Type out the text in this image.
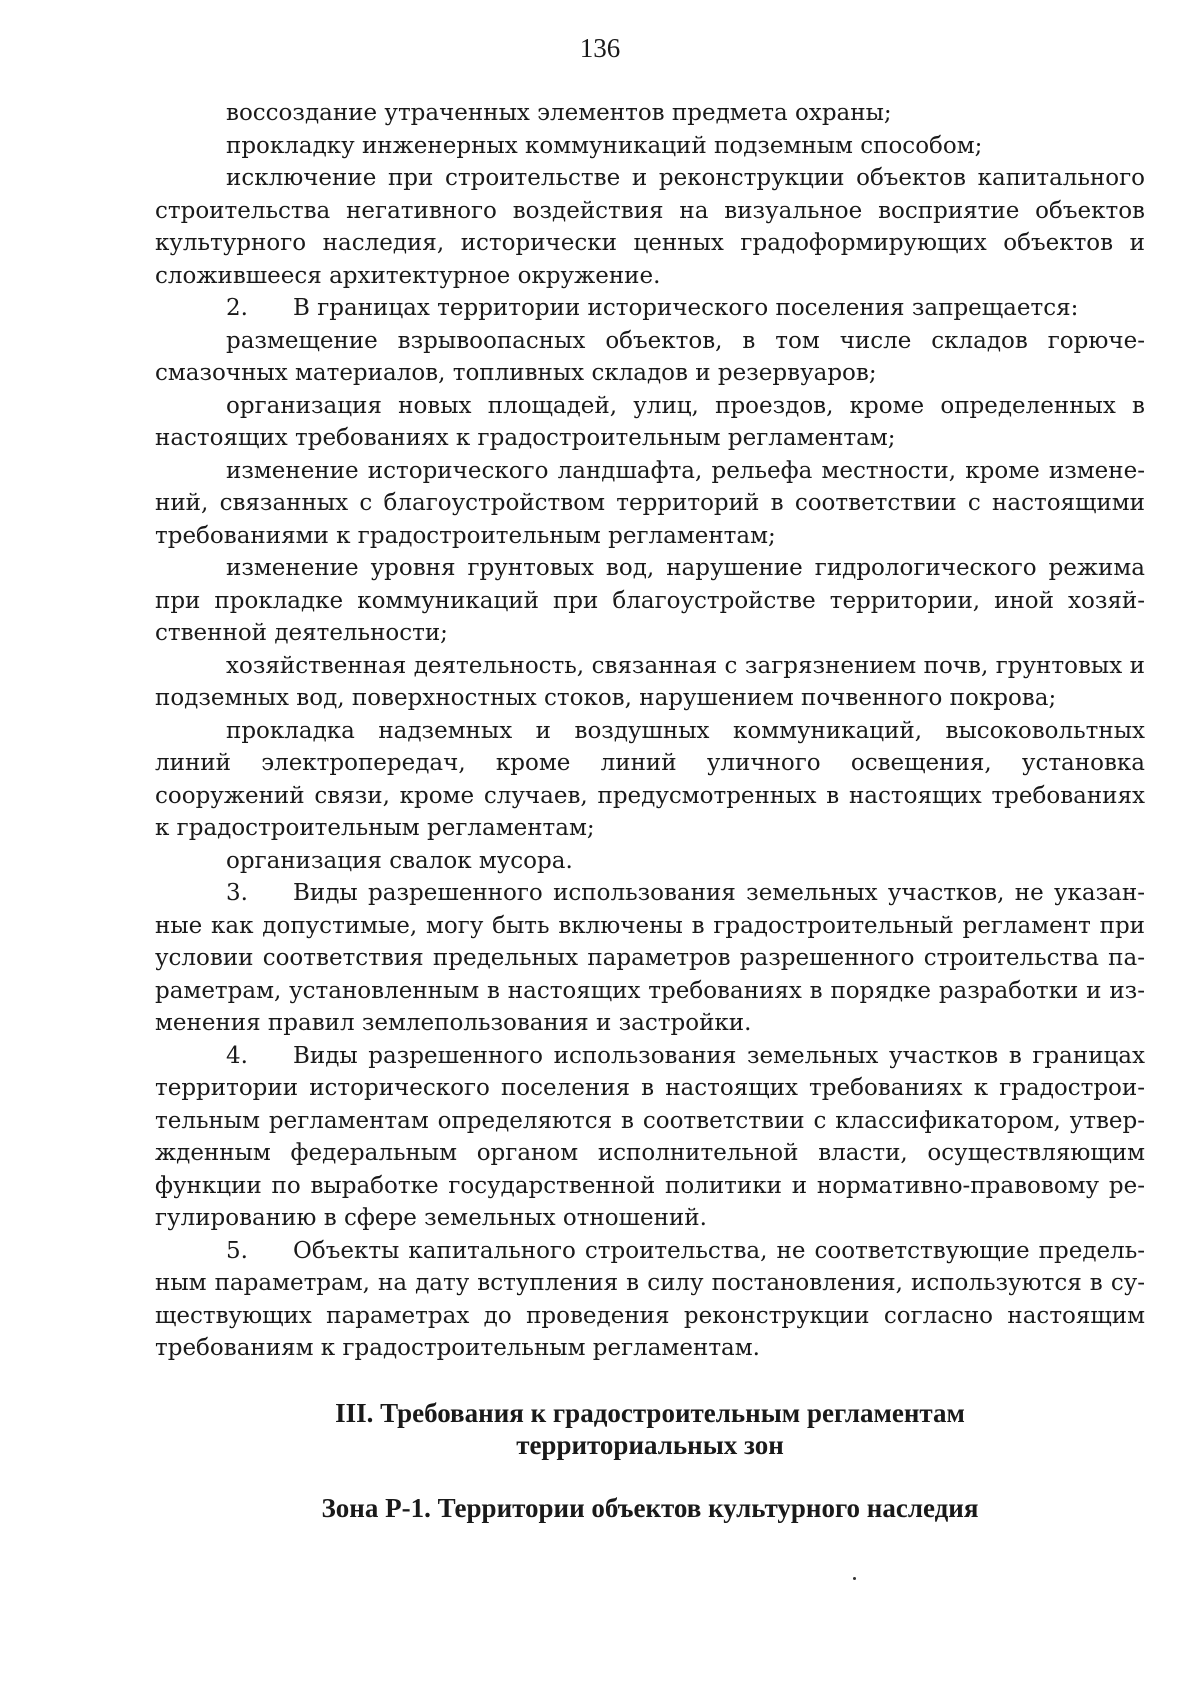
136

воссоздание утраченных элементов предмета охраны;

прокладку инженерных коммуникаций подземным способом;

исключение при строительстве и реконструкции объектов капитального строительства негативного воздействия на визуальное восприятие объектов культурного наследия, исторически ценных градоформирующих объектов и сложившееся архитектурное окружение.

2. В границах территории исторического поселения запрещается:

размещение взрывоопасных объектов, в том числе складов горюче-смазочных материалов, топливных складов и резервуаров;

организация новых площадей, улиц, проездов, кроме определенных в настоящих требованиях к градостроительным регламентам;

изменение исторического ландшафта, рельефа местности, кроме измене-ний, связанных с благоустройством территорий в соответствии с настоящими требованиями к градостроительным регламентам;

изменение уровня грунтовых вод, нарушение гидрологического режима при прокладке коммуникаций при благоустройстве территории, иной хозяй-ственной деятельности;

хозяйственная деятельность, связанная с загрязнением почв, грунтовых и подземных вод, поверхностных стоков, нарушением почвенного покрова;

прокладка надземных и воздушных коммуникаций, высоковольтных линий электропередач, кроме линий уличного освещения, установка сооружений связи, кроме случаев, предусмотренных в настоящих требованиях к градостроительным регламентам;

организация свалок мусора.

3. Виды разрешенного использования земельных участков, не указан-ные как допустимые, могу быть включены в градостроительный регламент при условии соответствия предельных параметров разрешенного строительства па-раметрам, установленным в настоящих требованиях в порядке разработки и из-менения правил землепользования и застройки.

4. Виды разрешенного использования земельных участков в границах территории исторического поселения в настоящих требованиях к градострои-тельным регламентам определяются в соответствии с классификатором, утвер-жденным федеральным органом исполнительной власти, осуществляющим функции по выработке государственной политики и нормативно-правовому ре-гулированию в сфере земельных отношений.

5. Объекты капитального строительства, не соответствующие предель-ным параметрам, на дату вступления в силу постановления, используются в су-ществующих параметрах до проведения реконструкции согласно настоящим требованиям к градостроительным регламентам.

III. Требования к градостроительным регламентам
территориальных зон
Зона Р-1. Территории объектов культурного наследия
